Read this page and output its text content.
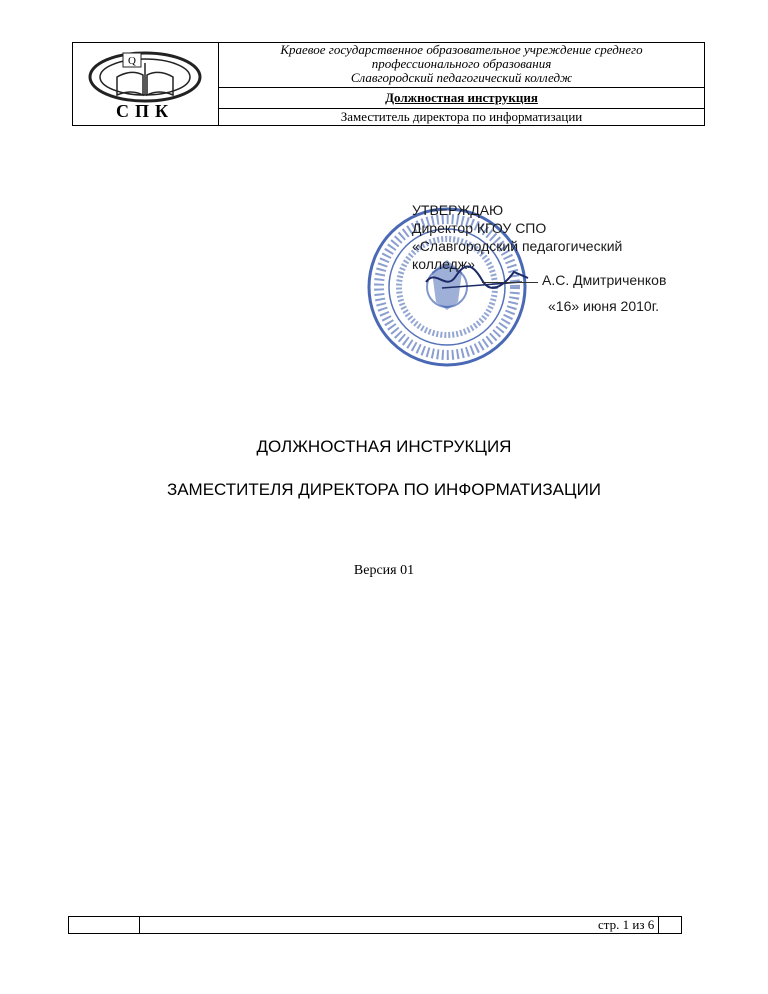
Q
СПК
Краевое государственное образовательное учреждение среднего
профессионального образования
Славгородский педагогический колледж
Должностная инструкция
Заместитель директора по информатизации
УТВЕРЖДАЮ
Директор КГОУ СПО
«Славгородский педагогический
колледж»
А.С. Дмитриченков
«16» июня 2010г.
ДОЛЖНОСТНАЯ ИНСТРУКЦИЯ
ЗАМЕСТИТЕЛЯ ДИРЕКТОРА ПО ИНФОРМАТИЗАЦИИ
Версия 01
стр. 1 из 6
